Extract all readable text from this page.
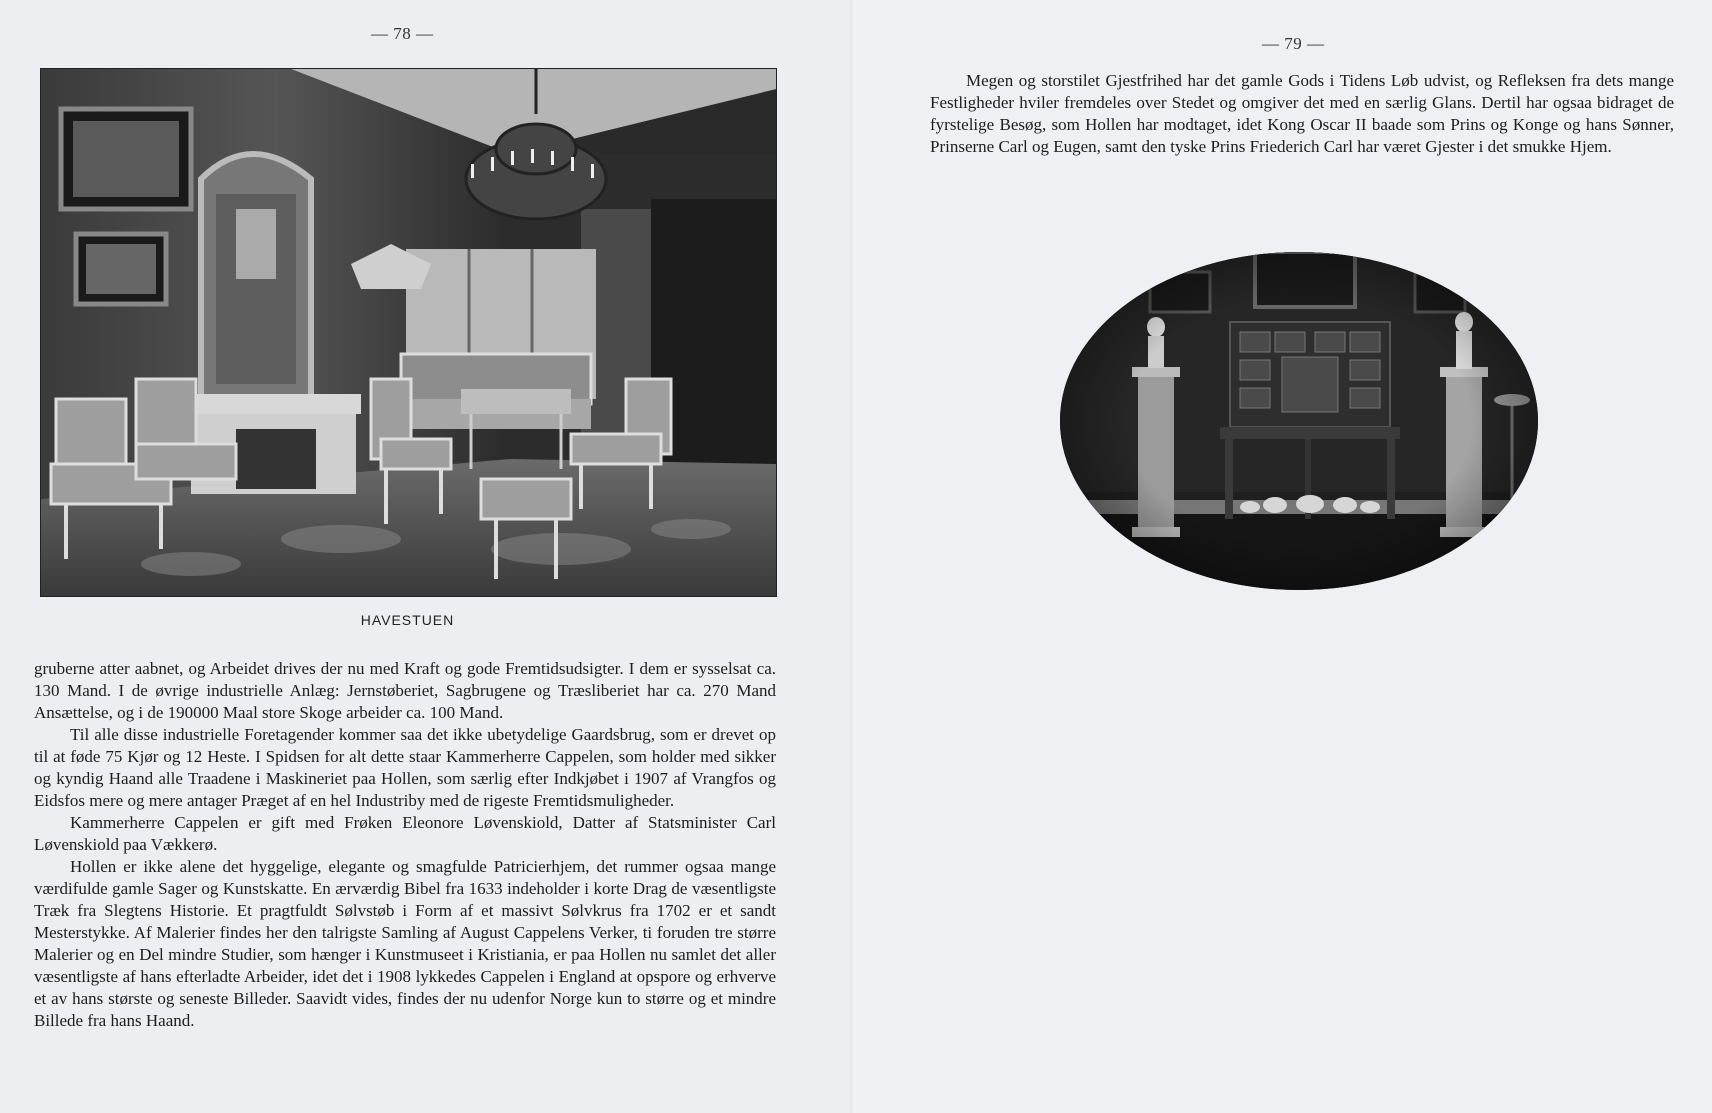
— 78 —
HAVESTUEN

gruberne atter aabnet, og Arbeidet drives der nu med Kraft og gode Fremtidsudsigter. I dem er sysselsat ca. 130 Mand. I de øvrige industrielle Anlæg: Jernstøberiet, Sagbrugene og Træsliberiet har ca. 270 Mand Ansættelse, og i de 190000 Maal store Skoge arbeider ca. 100 Mand.

Til alle disse industrielle Foretagender kommer saa det ikke ubetydelige Gaardsbrug, som er drevet op til at føde 75 Kjør og 12 Heste. I Spidsen for alt dette staar Kammerherre Cappelen, som holder med sikker og kyndig Haand alle Traadene i Maskineriet paa Hollen, som særlig efter Indkjøbet i 1907 af Vrangfos og Eidsfos mere og mere antager Præget af en hel Industriby med de rigeste Fremtidsmuligheder.

Kammerherre Cappelen er gift med Frøken Eleonore Løvenskiold, Datter af Statsminister Carl Løvenskiold paa Vækkerø.

Hollen er ikke alene det hyggelige, elegante og smagfulde Patricierhjem, det rummer ogsaa mange værdifulde gamle Sager og Kunstskatte. En ærværdig Bibel fra 1633 indeholder i korte Drag de væsentligste Træk fra Slegtens Historie. Et pragtfuldt Sølvstøb i Form af et massivt Sølvkrus fra 1702 er et sandt Mesterstykke. Af Malerier findes her den talrigste Samling af August Cappelens Verker, ti foruden tre større Malerier og en Del mindre Studier, som hænger i Kunstmuseet i Kristiania, er paa Hollen nu samlet det aller væsentligste af hans efterladte Arbeider, idet det i 1908 lykkedes Cappelen i England at opspore og erhverve et av hans største og seneste Billeder. Saavidt vides, findes der nu udenfor Norge kun to større og et mindre Billede fra hans Haand.

— 79 —

Megen og storstilet Gjestfrihed har det gamle Gods i Tidens Løb udvist, og Refleksen fra dets mange Festligheder hviler fremdeles over Stedet og omgiver det med en særlig Glans. Dertil har ogsaa bidraget de fyrstelige Besøg, som Hollen har modtaget, idet Kong Oscar II baade som Prins og Konge og hans Sønner, Prinserne Carl og Eugen, samt den tyske Prins Friederich Carl har været Gjester i det smukke Hjem.
